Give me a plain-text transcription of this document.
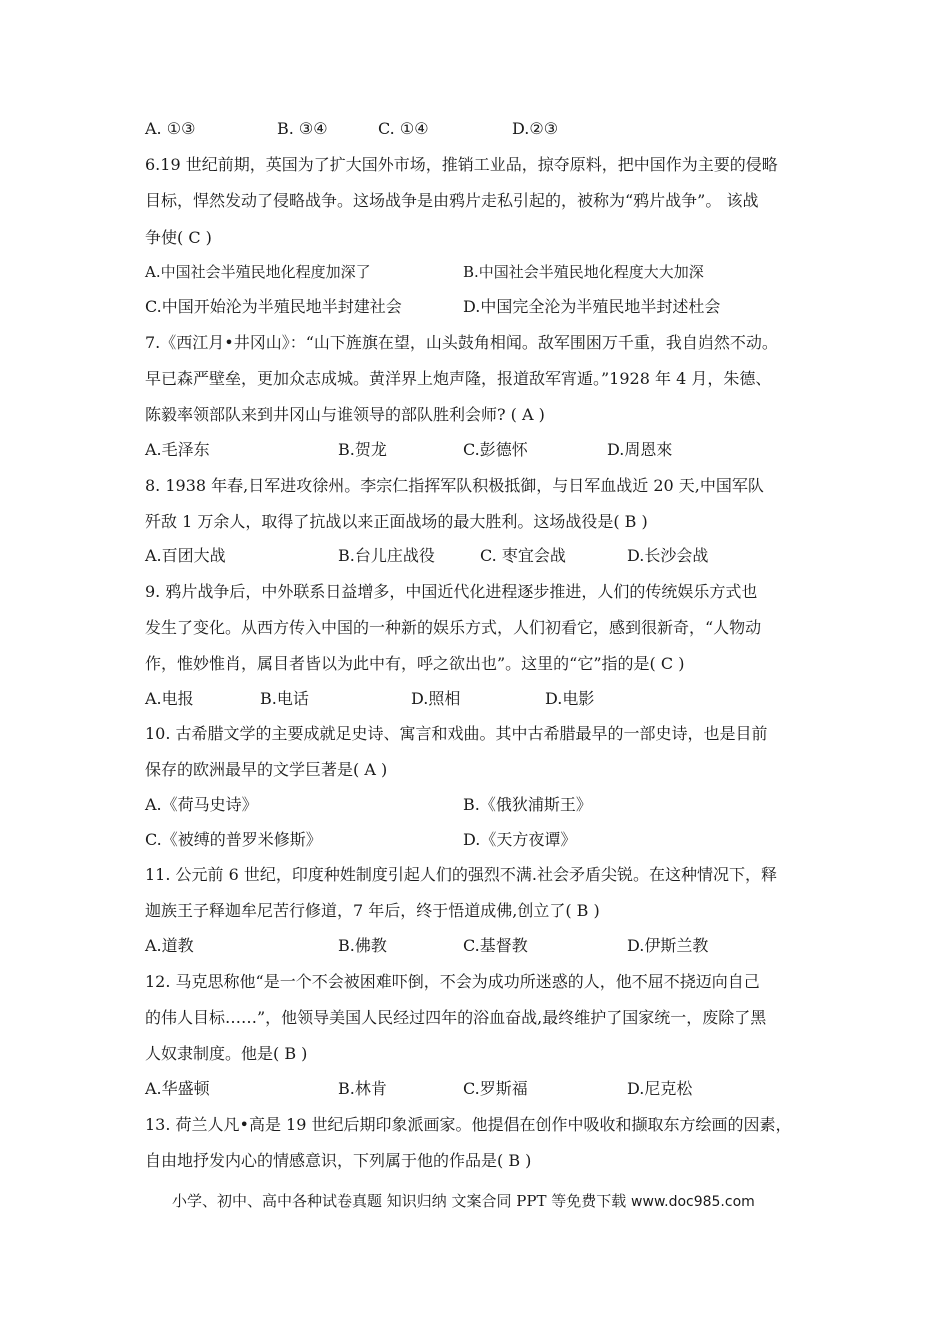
A. ①③	B. ③④	C. ①④	D.②③
6.19 世纪前期，英国为了扩大国外市场，推销工业品，掠夺原料，把中国作为主要的侵略
目标，悍然发动了侵略战争。这场战争是由鸦片走私引起的，被称为“鸦片战争”。 该战
争使( C )
A.中国社会半殖民地化程度加深了	B.中国社会半殖民地化程度大大加深
C.中国开始沦为半殖民地半封建社会	D.中国完全沦为半殖民地半封述杜会
7.《西江月•井冈山》：“山下旌旗在望，山头鼓角相闻。敌军围困万千重，我自岿然不动。
早已森严壁垒，更加众志成城。黄洋界上炮声隆，报道敌军宵遁。”1928 年 4 月，朱德、
陈毅率领部队来到井冈山与谁领导的部队胜利会师? ( A )
A.毛泽东	B.贺龙	C.彭德怀	D.周恩來
8. 1938 年春,日军进攻徐州。李宗仁指挥军队积极抵御，与日军血战近 20 天,中国军队
歼敌 1 万余人，取得了抗战以来正面战场的最大胜利。这场战役是( B )
A.百团大战	B.台儿庄战役	C. 枣宜会战	D.长沙会战
9. 鸦片战争后，中外联系日益增多，中国近代化进程逐步推进，人们的传统娱乐方式也
发生了变化。从西方传入中国的一种新的娱乐方式，人们初看它，感到很新奇，“人物动
作，惟妙惟肖，属目者皆以为此中有，呼之欲出也”。这里的“它”指的是( C )
A.电报	B.电话	D.照相	D.电影
10. 古希腊文学的主要成就足史诗、寓言和戏曲。其中古希腊最早的一部史诗，也是目前
保存的欧洲最早的文学巨著是( A )
A.《荷马史诗》	B.《俄狄浦斯王》
C.《被缚的普罗米修斯》	D.《天方夜谭》
11. 公元前 6 世纪，印度种姓制度引起人们的强烈不满.社会矛盾尖锐。在这种情况下，释
迦族王子释迦牟尼苦行修道，7 年后，终于悟道成佛,创立了( B )
A.道教	B.佛教	C.基督教	D.伊斯兰教
12. 马克思称他“是一个不会被困难吓倒，不会为成功所迷惑的人，他不屈不挠迈向自己
的伟人目标……”，他领导美国人民经过四年的浴血奋战,最终维护了国家统一，废除了黑
人奴隶制度。他是( B )
A.华盛顿	B.林肯	C.罗斯福	D.尼克松
13. 荷兰人凡•高是 19 世纪后期印象派画家。他提倡在创作中吸收和撷取东方绘画的因素，
自由地抒发内心的情感意识，下列属于他的作品是( B )
小学、初中、高中各种试卷真题 知识归纳 文案合同 PPT 等免费下载 www.doc985.com
